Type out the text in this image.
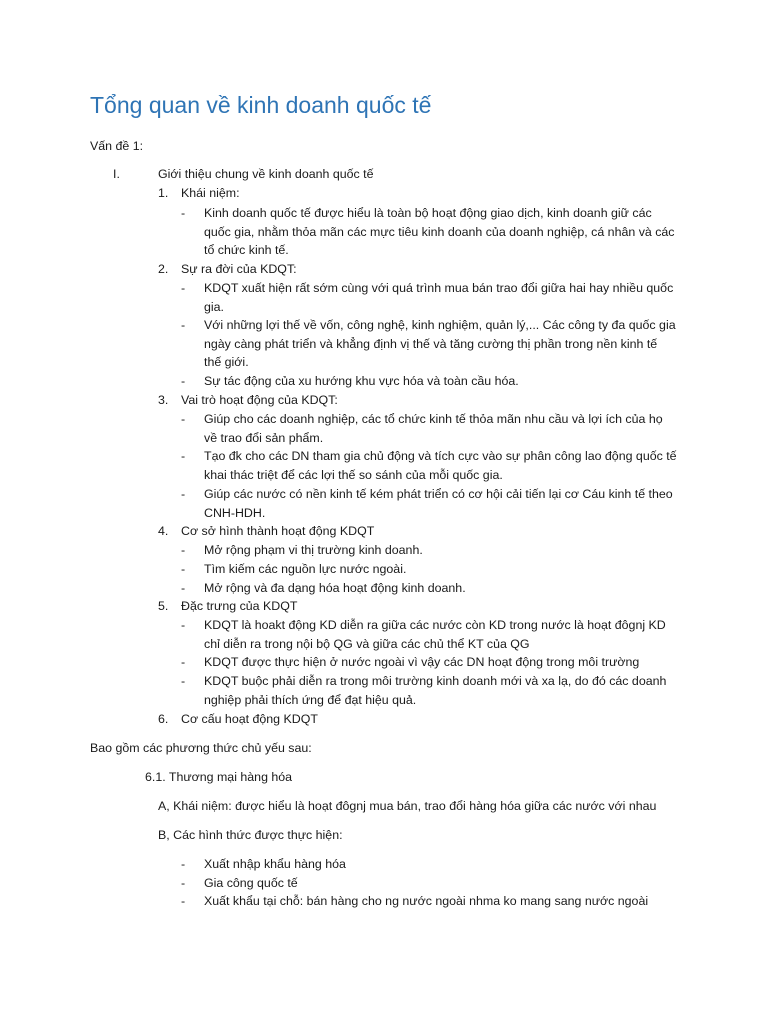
Tổng quan về kinh doanh quốc tế
Vấn đề 1:
I.	Giới thiệu chung về kinh doanh quốc tế
1. Khái niệm:
- Kinh doanh quốc tế được hiểu là toàn bộ hoạt động giao dịch, kinh doanh giữ các
quốc gia, nhằm thỏa mãn các mực tiêu kinh doanh của doanh nghiệp, cá nhân và các
tổ chức kinh tế.
2. Sự ra đời của KDQT:
- KDQT xuất hiện rất sớm cùng với quá trình mua bán trao đổi giữa hai hay nhiều quốc
gia.
- Với những lợi thế về vốn, công nghệ, kinh nghiệm, quản lý,... Các công ty đa quốc gia
ngày càng phát triển và khẳng định vị thế và tăng cường thị phần trong nền kinh tế
thế giới.
- Sự tác động của xu hướng khu vực hóa và toàn cầu hóa.
3. Vai trò hoạt động của KDQT:
- Giúp cho các doanh nghiệp, các tổ chức kinh tế thỏa mãn nhu cầu và lợi ích của họ
về trao đổi sản phẩm.
- Tạo đk cho các DN tham gia chủ động và tích cực vào sự phân công lao động quốc tế
khai thác triệt để các lợi thế so sánh của mỗi quốc gia.
- Giúp các nước có nền kinh tế kém phát triển có cơ hội cải tiến lại cơ Cáu kinh tế theo
CNH-HDH.
4. Cơ sở hình thành hoạt động KDQT
- Mở rộng phạm vi thị trường kinh doanh.
- Tìm kiếm các nguồn lực nước ngoài.
- Mở rộng và đa dạng hóa hoạt động kinh doanh.
5. Đặc trưng của KDQT
- KDQT là hoakt động KD diễn ra giữa các nước còn KD trong nước là hoạt đôgnj KD
chỉ diễn ra trong nội bộ QG và giữa các chủ thể KT của QG
- KDQT được thực hiện ở nước ngoài vì vậy các DN hoạt động trong môi trường
- KDQT buộc phải diễn ra trong môi trường kinh doanh mới và xa lạ, do đó các doanh
nghiệp phải thích ứng để đạt hiệu quả.
6. Cơ cấu hoạt động KDQT
Bao gồm các phương thức chủ yếu sau:
6.1. Thương mại hàng hóa
A, Khái niệm: được hiểu là hoạt đôgnj mua bán, trao đổi hàng hóa giữa các nước với nhau
B, Các hình thức được thực hiện:
- Xuất nhập khẩu hàng hóa
- Gia công quốc tế
- Xuất khẩu tại chỗ: bán hàng cho ng nước ngoài nhma ko mang sang nước ngoài
